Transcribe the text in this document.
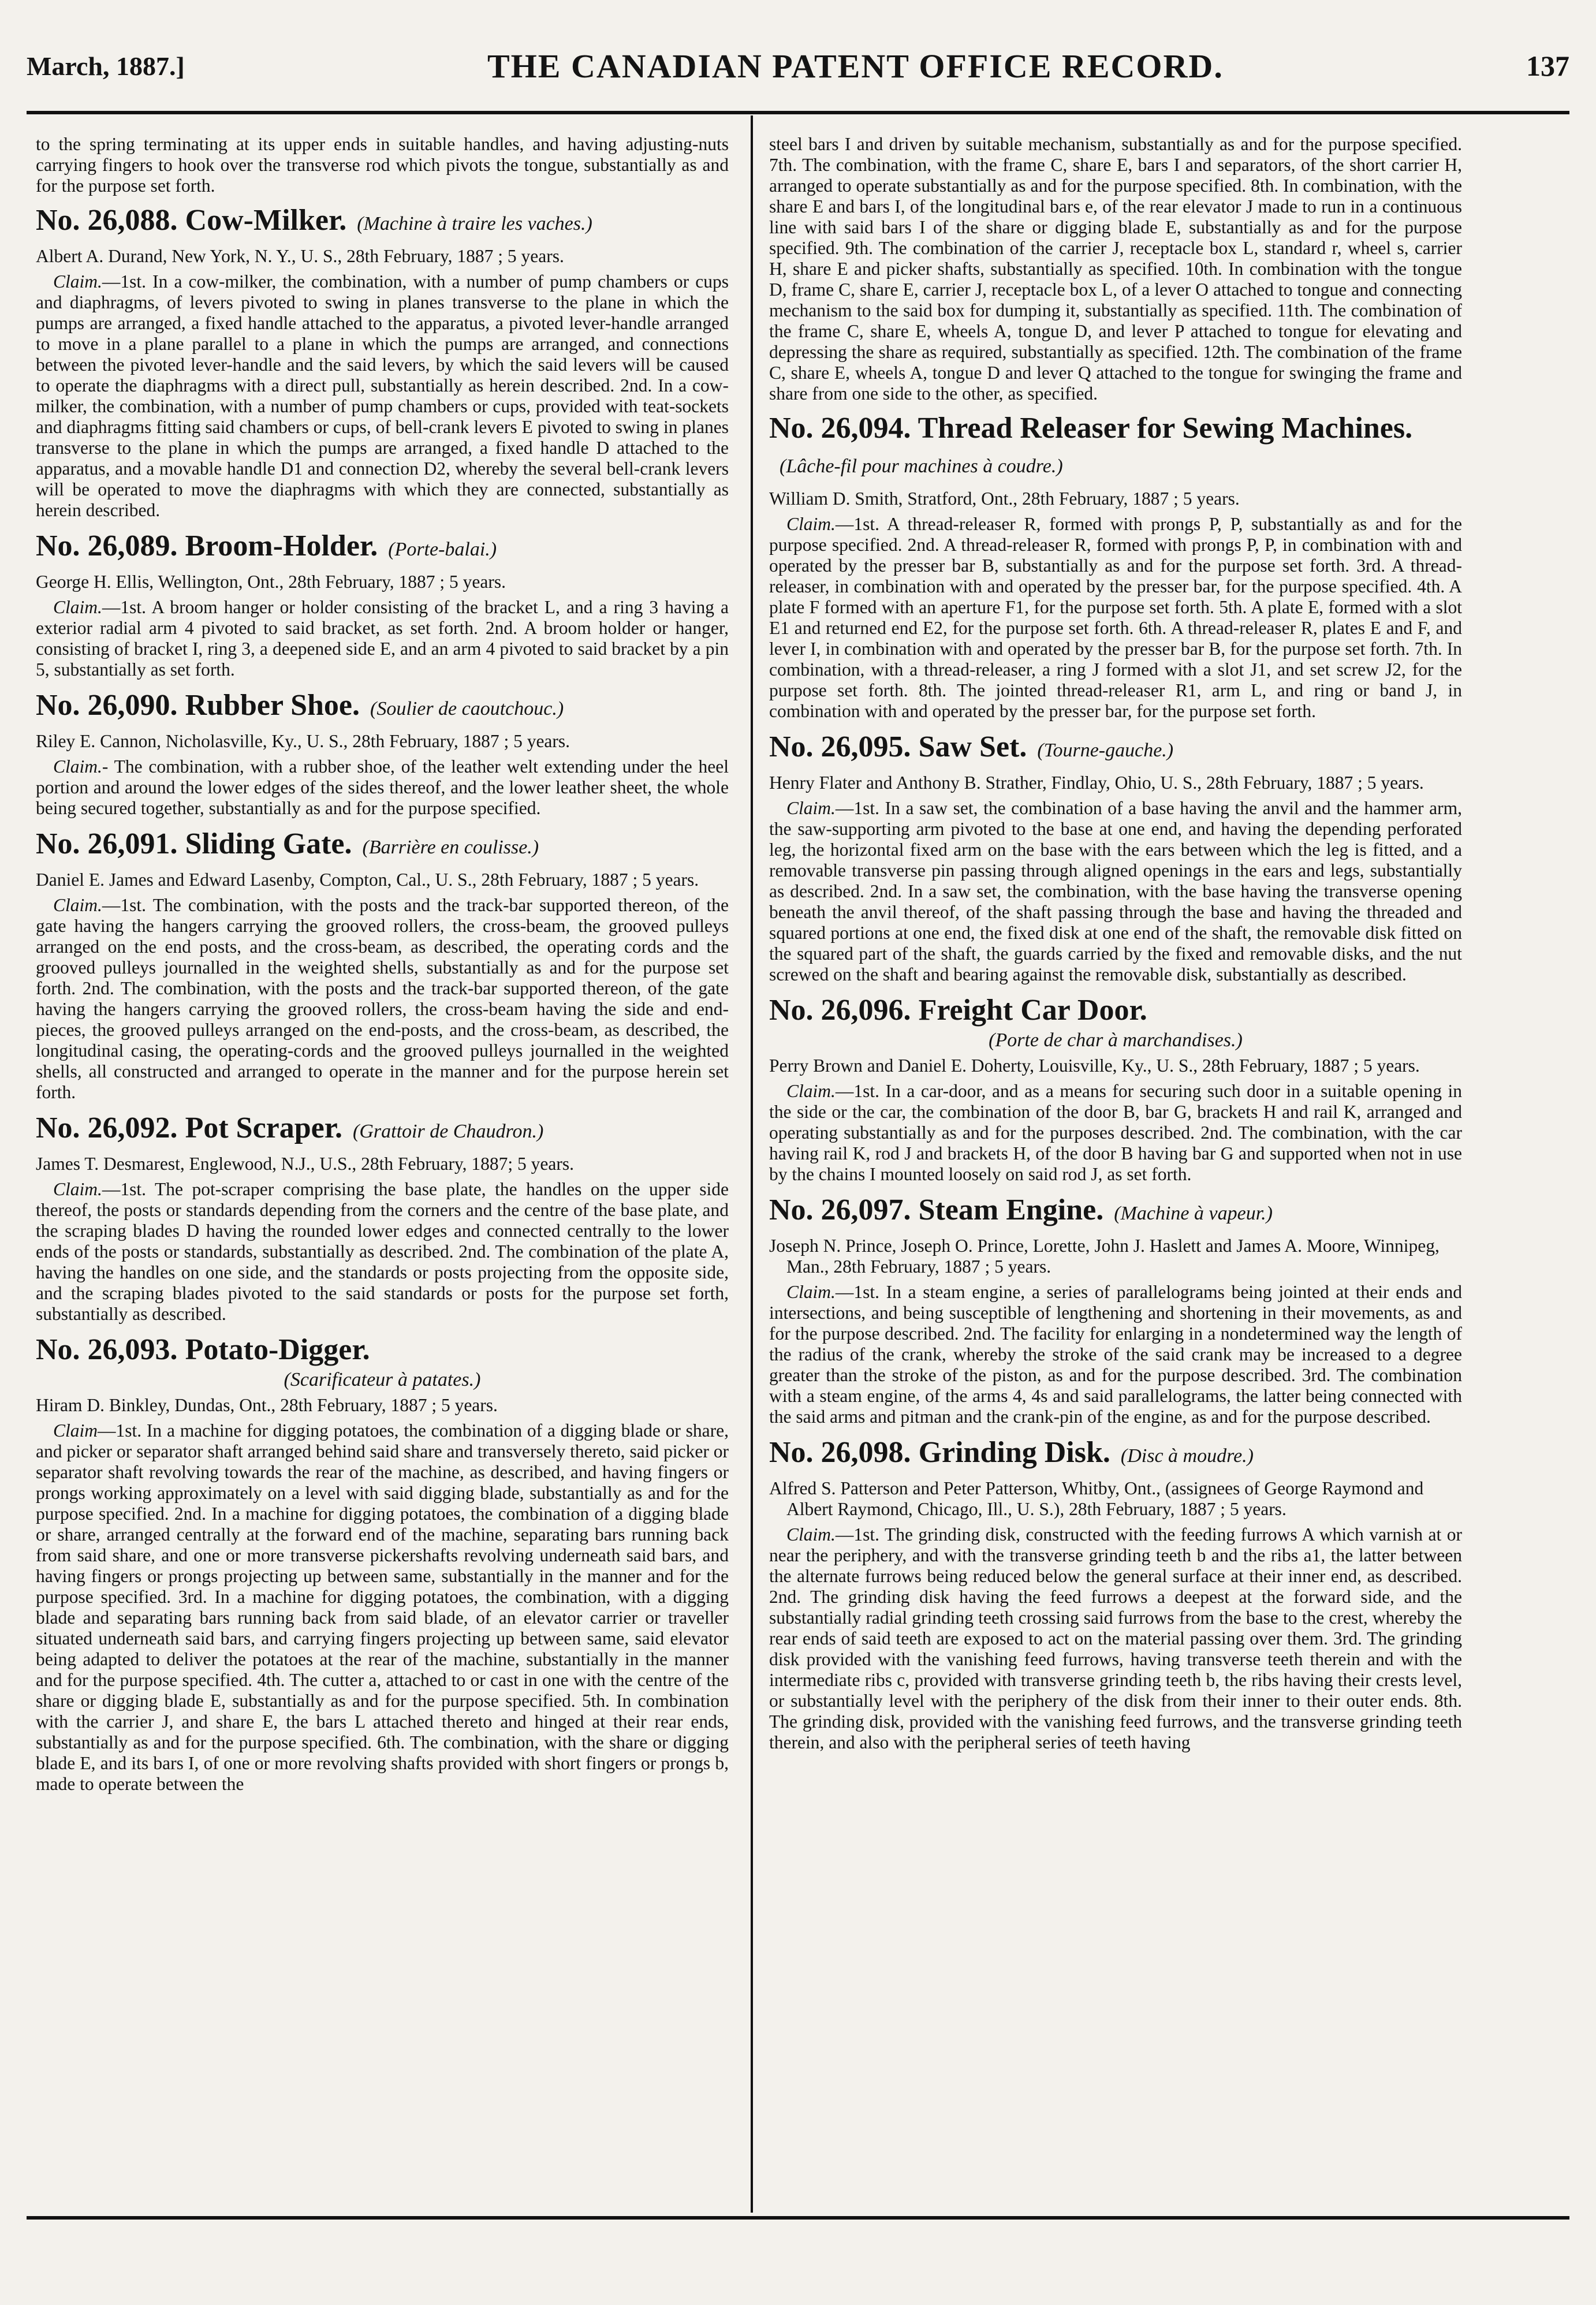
March, 1887.]	THE CANADIAN PATENT OFFICE RECORD.	137

to the spring terminating at its upper ends in suitable handles, and having adjusting-nuts carrying fingers to hook over the transverse rod which pivots the tongue, substantially as and for the purpose set forth.

No. 26,088. Cow-Milker. (Machine à traire les vaches.)

Albert A. Durand, New York, N. Y., U. S., 28th February, 1887 ; 5 years.

Claim.—1st. In a cow-milker, the combination, with a number of pump chambers or cups and diaphragms, of levers pivoted to swing in planes transverse to the plane in which the pumps are arranged, a fixed handle attached to the apparatus, a pivoted lever-handle arranged to move in a plane parallel to a plane in which the pumps are arranged, and connections between the pivoted lever-handle and the said levers, by which the said levers will be caused to operate the diaphragms with a direct pull, substantially as herein described. 2nd. In a cow-milker, the combination, with a number of pump chambers or cups, provided with teat-sockets and diaphragms fitting said chambers or cups, of bell-crank levers E pivoted to swing in planes transverse to the plane in which the pumps are arranged, a fixed handle D attached to the apparatus, and a movable handle D1 and connection D2, whereby the several bell-crank levers will be operated to move the diaphragms with which they are connected, substantially as herein described.

No. 26,089. Broom-Holder. (Porte-balai.)

George H. Ellis, Wellington, Ont., 28th February, 1887 ; 5 years.

Claim.—1st. A broom hanger or holder consisting of the bracket L, and a ring 3 having a exterior radial arm 4 pivoted to said bracket, as set forth. 2nd. A broom holder or hanger, consisting of bracket I, ring 3, a deepened side E, and an arm 4 pivoted to said bracket by a pin 5, substantially as set forth.

No. 26,090. Rubber Shoe. (Soulier de caoutchouc.)

Riley E. Cannon, Nicholasville, Ky., U. S., 28th February, 1887 ; 5 years.

Claim.- The combination, with a rubber shoe, of the leather welt extending under the heel portion and around the lower edges of the sides thereof, and the lower leather sheet, the whole being secured together, substantially as and for the purpose specified.

No. 26,091. Sliding Gate. (Barrière en coulisse.)

Daniel E. James and Edward Lasenby, Compton, Cal., U. S., 28th February, 1887 ; 5 years.

Claim.—1st. The combination, with the posts and the track-bar supported thereon, of the gate having the hangers carrying the grooved rollers, the cross-beam, the grooved pulleys arranged on the end posts, and the cross-beam, as described, the operating cords and the grooved pulleys journalled in the weighted shells, substantially as and for the purpose set forth. 2nd. The combination, with the posts and the track-bar supported thereon, of the gate having the hangers carrying the grooved rollers, the cross-beam having the side and end-pieces, the grooved pulleys arranged on the end-posts, and the cross-beam, as described, the longitudinal casing, the operating-cords and the grooved pulleys journalled in the weighted shells, all constructed and arranged to operate in the manner and for the purpose herein set forth.

No. 26,092. Pot Scraper. (Grattoir de Chaudron.)

James T. Desmarest, Englewood, N.J., U.S., 28th February, 1887; 5 years.

Claim.—1st. The pot-scraper comprising the base plate, the handles on the upper side thereof, the posts or standards depending from the corners and the centre of the base plate, and the scraping blades D having the rounded lower edges and connected centrally to the lower ends of the posts or standards, substantially as described. 2nd. The combination of the plate A, having the handles on one side, and the standards or posts projecting from the opposite side, and the scraping blades pivoted to the said standards or posts for the purpose set forth, substantially as described.

No. 26,093. Potato-Digger.
(Scarificateur à patates.)

Hiram D. Binkley, Dundas, Ont., 28th February, 1887 ; 5 years.

Claim—1st. In a machine for digging potatoes, the combination of a digging blade or share, and picker or separator shaft arranged behind said share and transversely thereto, said picker or separator shaft revolving towards the rear of the machine, as described, and having fingers or prongs working approximately on a level with said digging blade, substantially as and for the purpose specified. 2nd. In a machine for digging potatoes, the combination of a digging blade or share, arranged centrally at the forward end of the machine, separating bars running back from said share, and one or more transverse pickershafts revolving underneath said bars, and having fingers or prongs projecting up between same, substantially in the manner and for the purpose specified. 3rd. In a machine for digging potatoes, the combination, with a digging blade and separating bars running back from said blade, of an elevator carrier or traveller situated underneath said bars, and carrying fingers projecting up between same, said elevator being adapted to deliver the potatoes at the rear of the machine, substantially in the manner and for the purpose specified. 4th. The cutter a, attached to or cast in one with the centre of the share or digging blade E, substantially as and for the purpose specified. 5th. In combination with the carrier J, and share E, the bars L attached thereto and hinged at their rear ends, substantially as and for the purpose specified. 6th. The combination, with the share or digging blade E, and its bars I, of one or more revolving shafts provided with short fingers or prongs b, made to operate between the

steel bars I and driven by suitable mechanism, substantially as and for the purpose specified. 7th. The combination, with the frame C, share E, bars I and separators, of the short carrier H, arranged to operate substantially as and for the purpose specified. 8th. In combination, with the share E and bars I, of the longitudinal bars e, of the rear elevator J made to run in a continuous line with said bars I of the share or digging blade E, substantially as and for the purpose specified. 9th. The combination of the carrier J, receptacle box L, standard r, wheel s, carrier H, share E and picker shafts, substantially as specified. 10th. In combination with the tongue D, frame C, share E, carrier J, receptacle box L, of a lever O attached to tongue and connecting mechanism to the said box for dumping it, substantially as specified. 11th. The combination of the frame C, share E, wheels A, tongue D, and lever P attached to tongue for elevating and depressing the share as required, substantially as specified. 12th. The combination of the frame C, share E, wheels A, tongue D and lever Q attached to the tongue for swinging the frame and share from one side to the other, as specified.

No. 26,094. Thread Releaser for Sewing Machines.(Lâche-fil pour machines à coudre.)

William D. Smith, Stratford, Ont., 28th February, 1887 ; 5 years.

Claim.—1st. A thread-releaser R, formed with prongs P, P, substantially as and for the purpose specified. 2nd. A thread-releaser R, formed with prongs P, P, in combination with and operated by the presser bar B, substantially as and for the purpose set forth. 3rd. A thread-releaser, in combination with and operated by the presser bar, for the purpose specified. 4th. A plate F formed with an aperture F1, for the purpose set forth. 5th. A plate E, formed with a slot E1 and returned end E2, for the purpose set forth. 6th. A thread-releaser R, plates E and F, and lever I, in combination with and operated by the presser bar B, for the purpose set forth. 7th. In combination, with a thread-releaser, a ring J formed with a slot J1, and set screw J2, for the purpose set forth. 8th. The jointed thread-releaser R1, arm L, and ring or band J, in combination with and operated by the presser bar, for the purpose set forth.

No. 26,095. Saw Set. (Tourne-gauche.)

Henry Flater and Anthony B. Strather, Findlay, Ohio, U. S., 28th February, 1887 ; 5 years.

Claim.—1st. In a saw set, the combination of a base having the anvil and the hammer arm, the saw-supporting arm pivoted to the base at one end, and having the depending perforated leg, the horizontal fixed arm on the base with the ears between which the leg is fitted, and a removable transverse pin passing through aligned openings in the ears and legs, substantially as described. 2nd. In a saw set, the combination, with the base having the transverse opening beneath the anvil thereof, of the shaft passing through the base and having the threaded and squared portions at one end, the fixed disk at one end of the shaft, the removable disk fitted on the squared part of the shaft, the guards carried by the fixed and removable disks, and the nut screwed on the shaft and bearing against the removable disk, substantially as described.

No. 26,096. Freight Car Door.
(Porte de char à marchandises.)

Perry Brown and Daniel E. Doherty, Louisville, Ky., U. S., 28th February, 1887 ; 5 years.

Claim.—1st. In a car-door, and as a means for securing such door in a suitable opening in the side or the car, the combination of the door B, bar G, brackets H and rail K, arranged and operating substantially as and for the purposes described. 2nd. The combination, with the car having rail K, rod J and brackets H, of the door B having bar G and supported when not in use by the chains I mounted loosely on said rod J, as set forth.

No. 26,097. Steam Engine. (Machine à vapeur.)

Joseph N. Prince, Joseph O. Prince, Lorette, John J. Haslett and James A. Moore, Winnipeg, Man., 28th February, 1887 ; 5 years.

Claim.—1st. In a steam engine, a series of parallelograms being jointed at their ends and intersections, and being susceptible of lengthening and shortening in their movements, as and for the purpose described. 2nd. The facility for enlarging in a nondetermined way the length of the radius of the crank, whereby the stroke of the said crank may be increased to a degree greater than the stroke of the piston, as and for the purpose described. 3rd. The combination with a steam engine, of the arms 4, 4s and said parallelograms, the latter being connected with the said arms and pitman and the crank-pin of the engine, as and for the purpose described.

No. 26,098. Grinding Disk. (Disc à moudre.)

Alfred S. Patterson and Peter Patterson, Whitby, Ont., (assignees of George Raymond and Albert Raymond, Chicago, Ill., U. S.), 28th February, 1887 ; 5 years.

Claim.—1st. The grinding disk, constructed with the feeding furrows A which varnish at or near the periphery, and with the transverse grinding teeth b and the ribs a1, the latter between the alternate furrows being reduced below the general surface at their inner end, as described. 2nd. The grinding disk having the feed furrows a deepest at the forward side, and the substantially radial grinding teeth crossing said furrows from the base to the crest, whereby the rear ends of said teeth are exposed to act on the material passing over them. 3rd. The grinding disk provided with the vanishing feed furrows, having transverse teeth therein and with the intermediate ribs c, provided with transverse grinding teeth b, the ribs having their crests level, or substantially level with the periphery of the disk from their inner to their outer ends. 8th. The grinding disk, provided with the vanishing feed furrows, and the transverse grinding teeth therein, and also with the peripheral series of teeth having
